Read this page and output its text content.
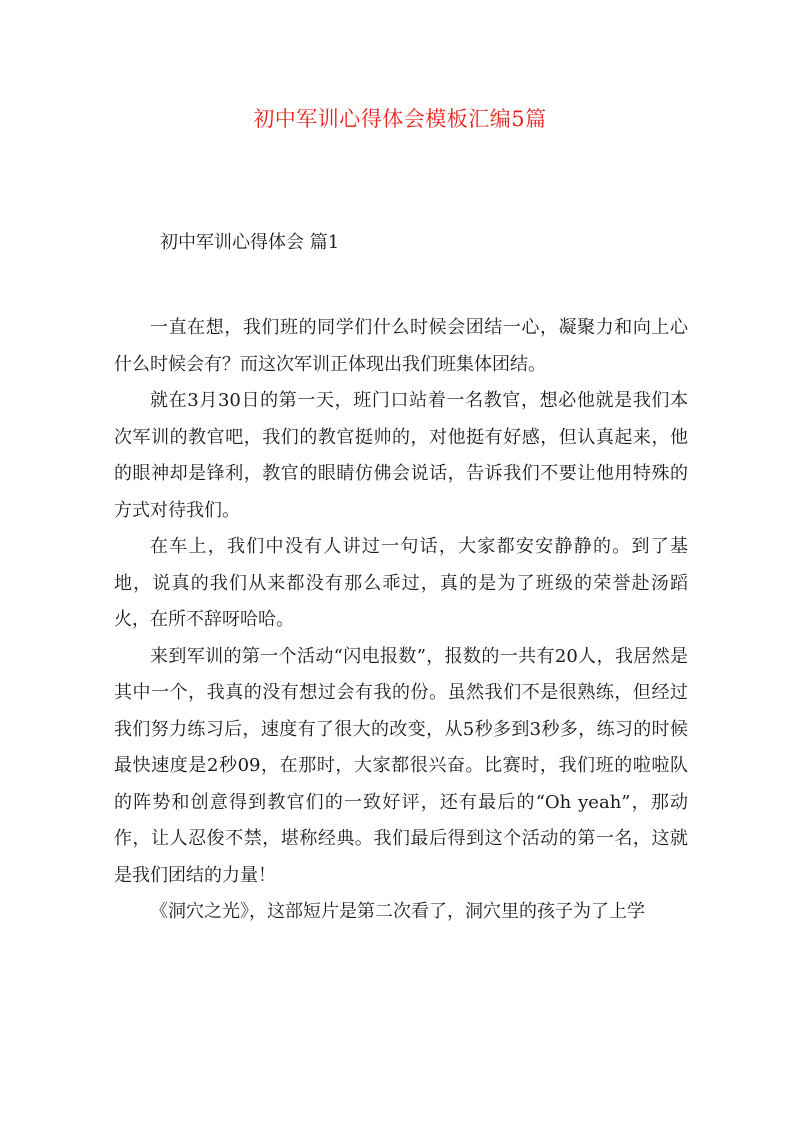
初中军训心得体会模板汇编5篇
初中军训心得体会 篇1

一直在想，我们班的同学们什么时候会团结一心，凝聚力和向上心什么时候会有？而这次军训正体现出我们班集体团结。

就在3月30日的第一天，班门口站着一名教官，想必他就是我们本次军训的教官吧，我们的教官挺帅的，对他挺有好感，但认真起来，他的眼神却是锋利，教官的眼睛仿佛会说话，告诉我们不要让他用特殊的方式对待我们。

在车上，我们中没有人讲过一句话，大家都安安静静的。到了基地，说真的我们从来都没有那么乖过，真的是为了班级的荣誉赴汤蹈火，在所不辞呀哈哈。

来到军训的第一个活动“闪电报数”，报数的一共有20人，我居然是其中一个，我真的没有想过会有我的份。虽然我们不是很熟练，但经过我们努力练习后，速度有了很大的改变，从5秒多到3秒多，练习的时候最快速度是2秒09，在那时，大家都很兴奋。比赛时，我们班的啦啦队的阵势和创意得到教官们的一致好评，还有最后的“Oh yeah”，那动作，让人忍俊不禁，堪称经典。我们最后得到这个活动的第一名，这就是我们团结的力量！

《洞穴之光》，这部短片是第二次看了，洞穴里的孩子为了上学
